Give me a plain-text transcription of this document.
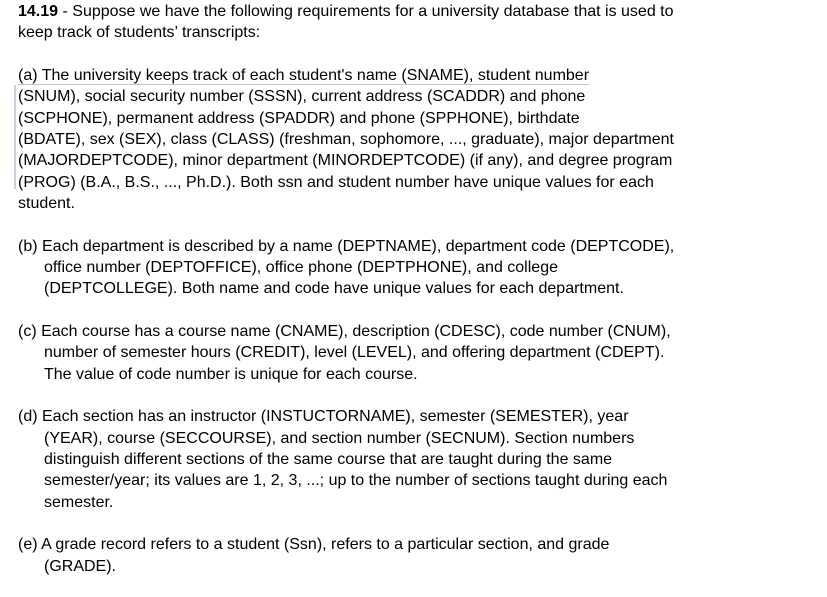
14.19 - Suppose we have the following requirements for a university database that is used to
keep track of students’ transcripts:
(a) The university keeps track of each student's name (SNAME), student number
(SNUM), social security number (SSSN), current address (SCADDR) and phone
(SCPHONE), permanent address (SPADDR) and phone (SPPHONE), birthdate
(BDATE), sex (SEX), class (CLASS) (freshman, sophomore, ..., graduate), major department
(MAJORDEPTCODE), minor department (MINORDEPTCODE) (if any), and degree program
(PROG) (B.A., B.S., ..., Ph.D.). Both ssn and student number have unique values for each
student.
(b) Each department is described by a name (DEPTNAME), department code (DEPTCODE),
office number (DEPTOFFICE), office phone (DEPTPHONE), and college
(DEPTCOLLEGE). Both name and code have unique values for each department.
(c) Each course has a course name (CNAME), description (CDESC), code number (CNUM),
number of semester hours (CREDIT), level (LEVEL), and offering department (CDEPT).
The value of code number is unique for each course.
(d) Each section has an instructor (INSTUCTORNAME), semester (SEMESTER), year
(YEAR), course (SECCOURSE), and section number (SECNUM). Section numbers
distinguish different sections of the same course that are taught during the same
semester/year; its values are 1, 2, 3, ...; up to the number of sections taught during each
semester.
(e) A grade record refers to a student (Ssn), refers to a particular section, and grade
(GRADE).
